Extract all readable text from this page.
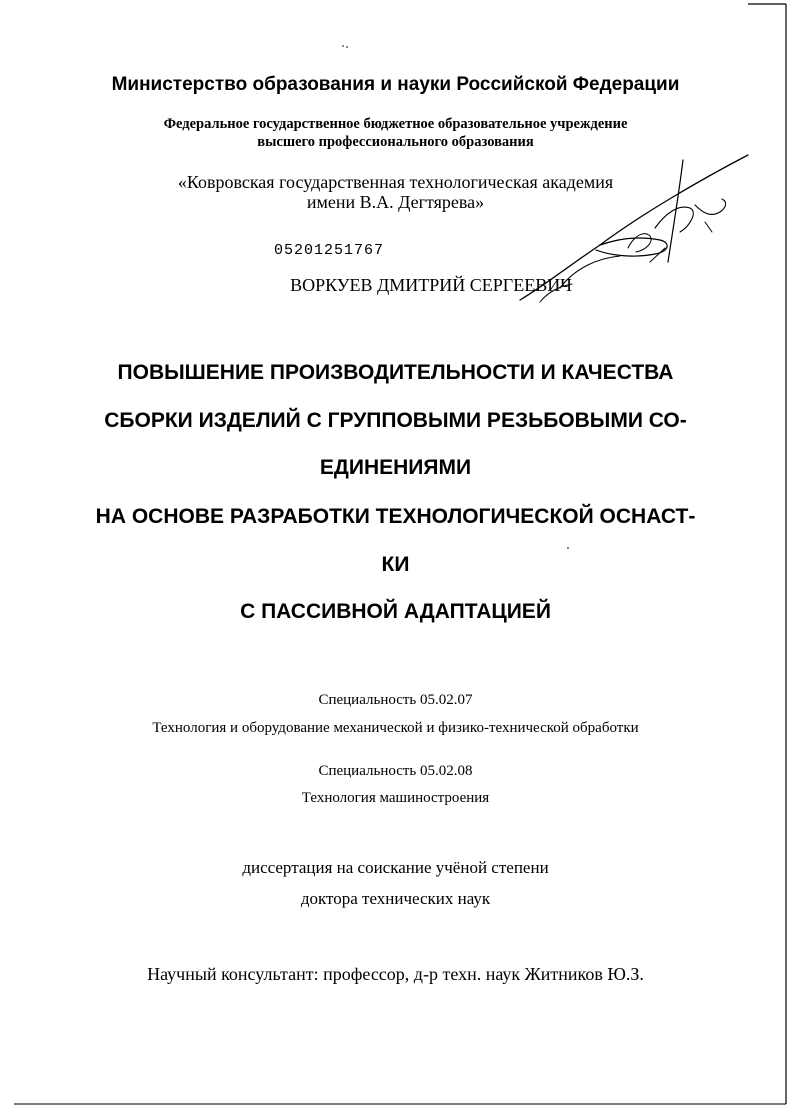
Министерство образования и науки Российской Федерации
Федеральное государственное бюджетное образовательное учреждение
высшего профессионального образования
«Ковровская государственная технологическая академия
имени В.А. Дегтярева»
05201251767
ВОРКУЕВ ДМИТРИЙ СЕРГЕЕВИЧ
ПОВЫШЕНИЕ ПРОИЗВОДИТЕЛЬНОСТИ И КАЧЕСТВА
СБОРКИ ИЗДЕЛИЙ С ГРУППОВЫМИ РЕЗЬБОВЫМИ СО-
ЕДИНЕНИЯМИ
НА ОСНОВЕ РАЗРАБОТКИ ТЕХНОЛОГИЧЕСКОЙ ОСНАСТ-
КИ
С ПАССИВНОЙ АДАПТАЦИЕЙ
Специальность 05.02.07
Технология и оборудование механической и физико-технической обработки
Специальность 05.02.08
Технология машиностроения
диссертация на соискание учёной степени
доктора технических наук
Научный консультант: профессор, д-р техн. наук Житников Ю.З.
